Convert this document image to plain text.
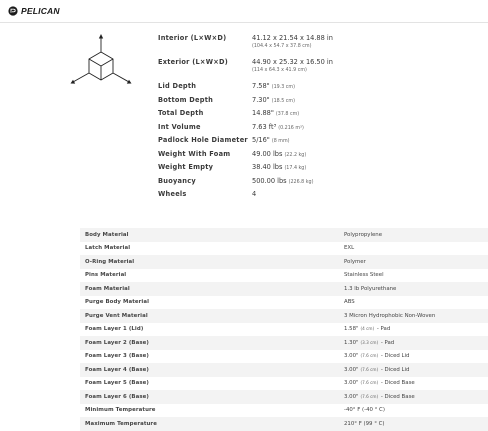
PELICAN
Interior (L×W×D)	41.12 x 21.54 x 14.88 in
(104.4 x 54.7 x 37.8 cm)
Exterior (L×W×D)	44.90 x 25.32 x 16.50 in
(114 x 64.3 x 41.9 cm)
Lid Depth	7.58" (19.3 cm)
Bottom Depth	7.30" (18.5 cm)
Total Depth	14.88" (37.8 cm)
Int Volume	7.63 ft³ (0.216 m³)
Padlock Hole Diameter 5/16" (8 mm)
Weight With Foam	49.00 lbs (22.2 kg)
Weight Empty	38.40 lbs (17.4 kg)
Buoyancy	500.00 lbs (226.8 kg)
Wheels	4
Body Material	Polypropylene
Latch Material	EXL
O-Ring Material	Polymer
Pins Material	Stainless Steel
Foam Material	1.3 lb Polyurethane
Purge Body Material	ABS
Purge Vent Material	3 Micron Hydrophobic Non-Woven
Foam Layer 1 (Lid)	1.58" (4 cm) - Pad
Foam Layer 2 (Base)	1.30" (3.3 cm) - Pad
Foam Layer 3 (Base)	3.00" (7.6 cm) - Diced Lid
Foam Layer 4 (Base)	3.00" (7.6 cm) - Diced Lid
Foam Layer 5 (Base)	3.00" (7.6 cm) - Diced Base
Foam Layer 6 (Base)	3.00" (7.6 cm) - Diced Base
Minimum Temperature	-40° F (-40 ° C)
Maximum Temperature	210° F (99 ° C)
